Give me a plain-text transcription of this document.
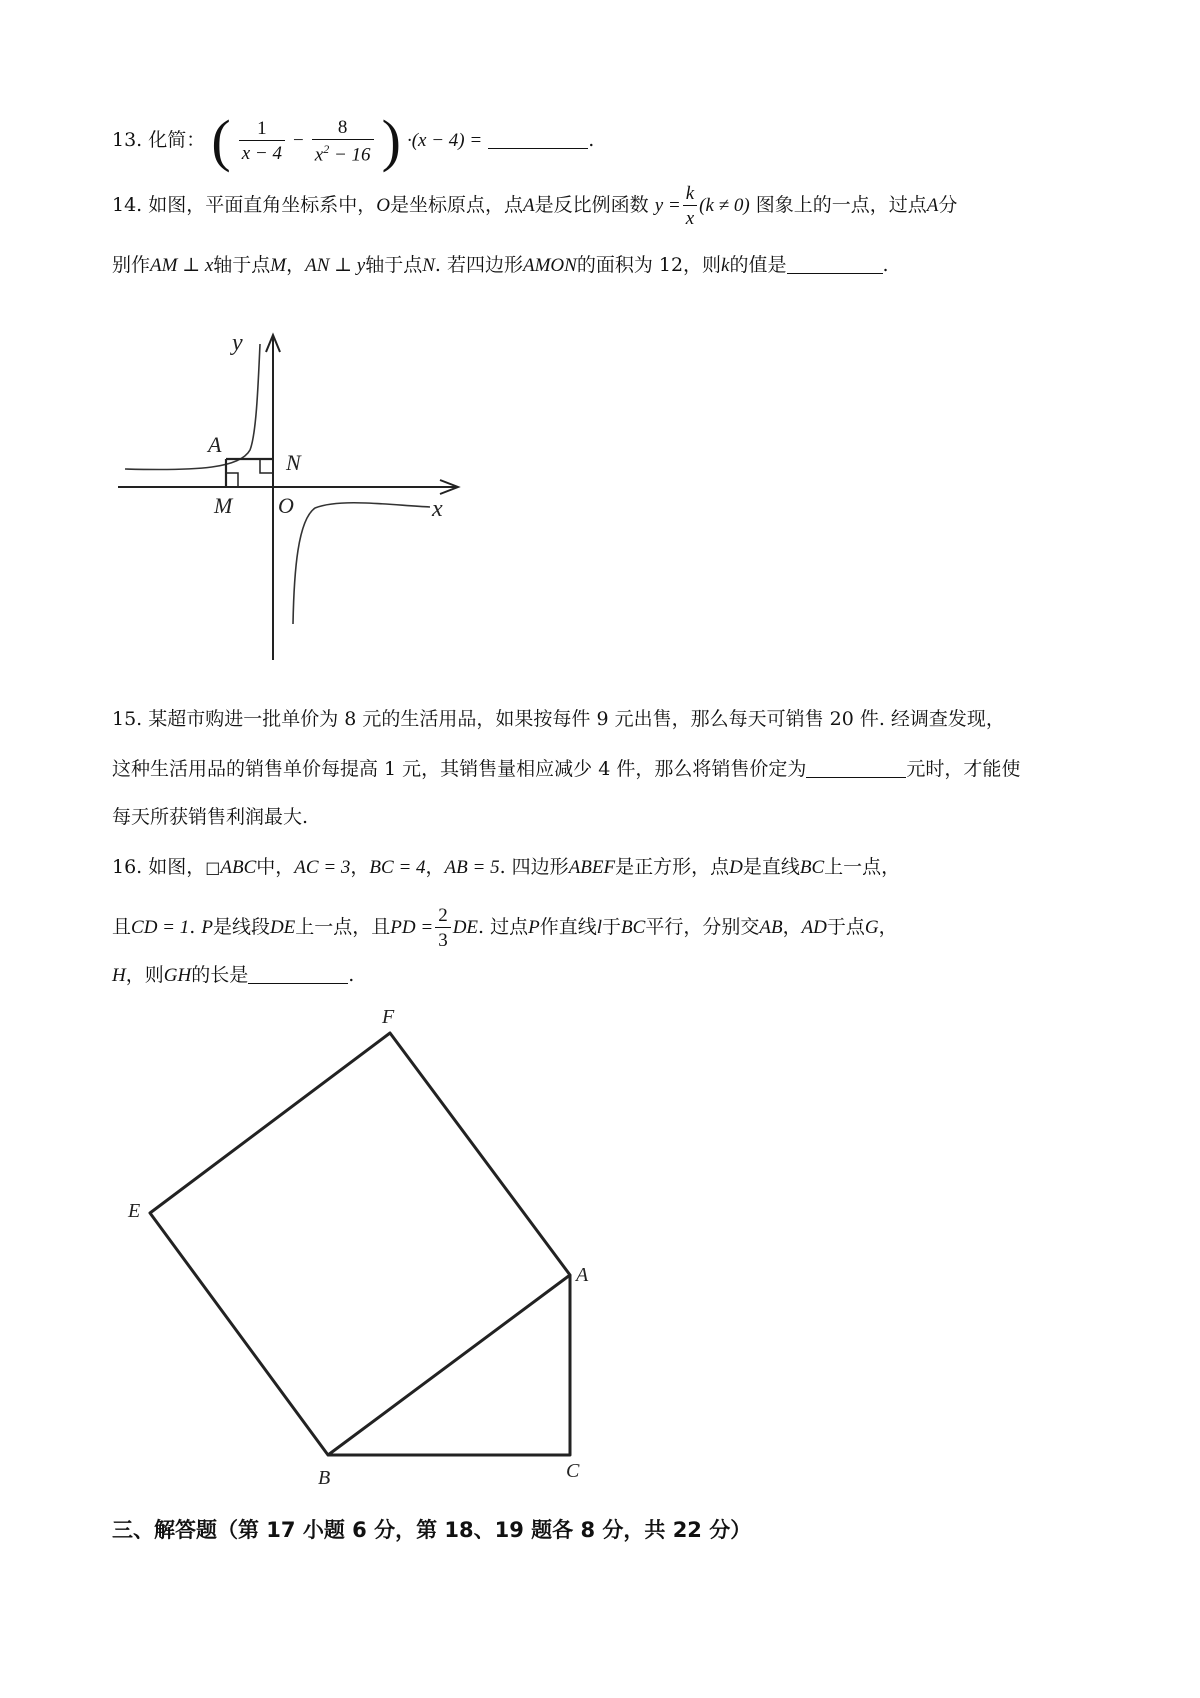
13. 化简： ( $\frac{1}{x - 4} - \frac{8}{x^2 - 16}$ ) ·(x − 4) =	.
14. 如图，平面直角坐标系中，O是坐标原点，点A是反比例函数 $y = \frac{k}{x} (k \ne 0)$ 图象上的一点，过点A分
别作AM ⊥ x轴于点M，AN ⊥ y轴于点N. 若四边形AMON的面积为 12，则k的值是	.
y
A
N
M O	x
15. 某超市购进一批单价为 8 元的生活用品，如果按每件 9 元出售，那么每天可销售 20 件. 经调查发现，
这种生活用品的销售单价每提高 1 元，其销售量相应减少 4 件，那么将销售价定为	元时，才能使
每天所获销售利润最大.
16. 如图，□ABC中，AC = 3，BC = 4，AB = 5. 四边形ABEF是正方形，点D是直线BC上一点，
且CD = 1. P是线段DE上一点，且PD = $\frac{2}{3}$ DE. 过点P作直线l于BC平行，分别交AB，AD于点G，
H，则GH的长是	.
F
E
A
B	C
三、解答题（第 17 小题 6 分，第 18、19 题各 8 分，共 22 分）
